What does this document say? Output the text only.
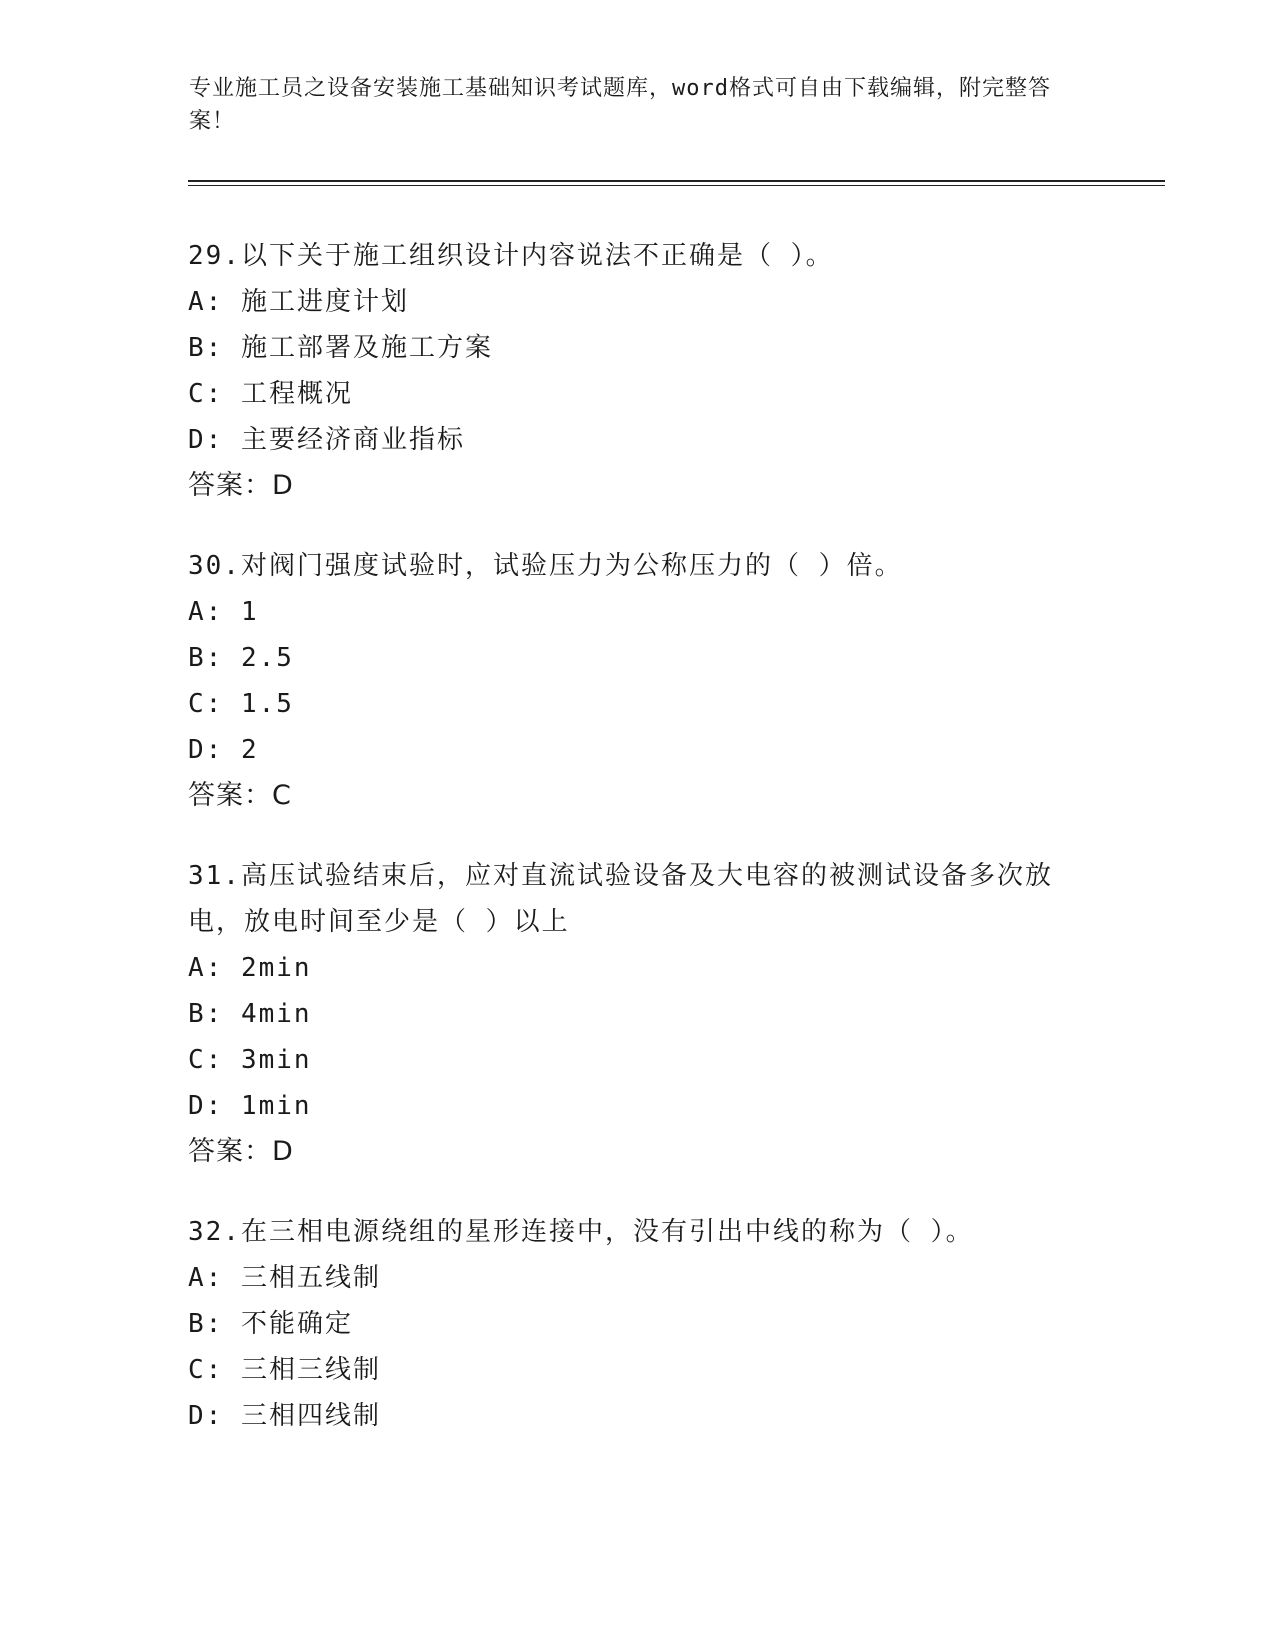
专业施工员之设备安装施工基础知识考试题库，word格式可自由下载编辑，附完整答案！
29.以下关于施工组织设计内容说法不正确是（ ）。
A: 施工进度计划
B: 施工部署及施工方案
C: 工程概况
D: 主要经济商业指标
答案：D
30.对阀门强度试验时，试验压力为公称压力的（ ）倍。
A: 1
B: 2.5
C: 1.5
D: 2
答案：C
31.高压试验结束后，应对直流试验设备及大电容的被测试设备多次放电，放电时间至少是（ ）以上
A: 2min
B: 4min
C: 3min
D: 1min
答案：D
32.在三相电源绕组的星形连接中，没有引出中线的称为（ ）。
A: 三相五线制
B: 不能确定
C: 三相三线制
D: 三相四线制
